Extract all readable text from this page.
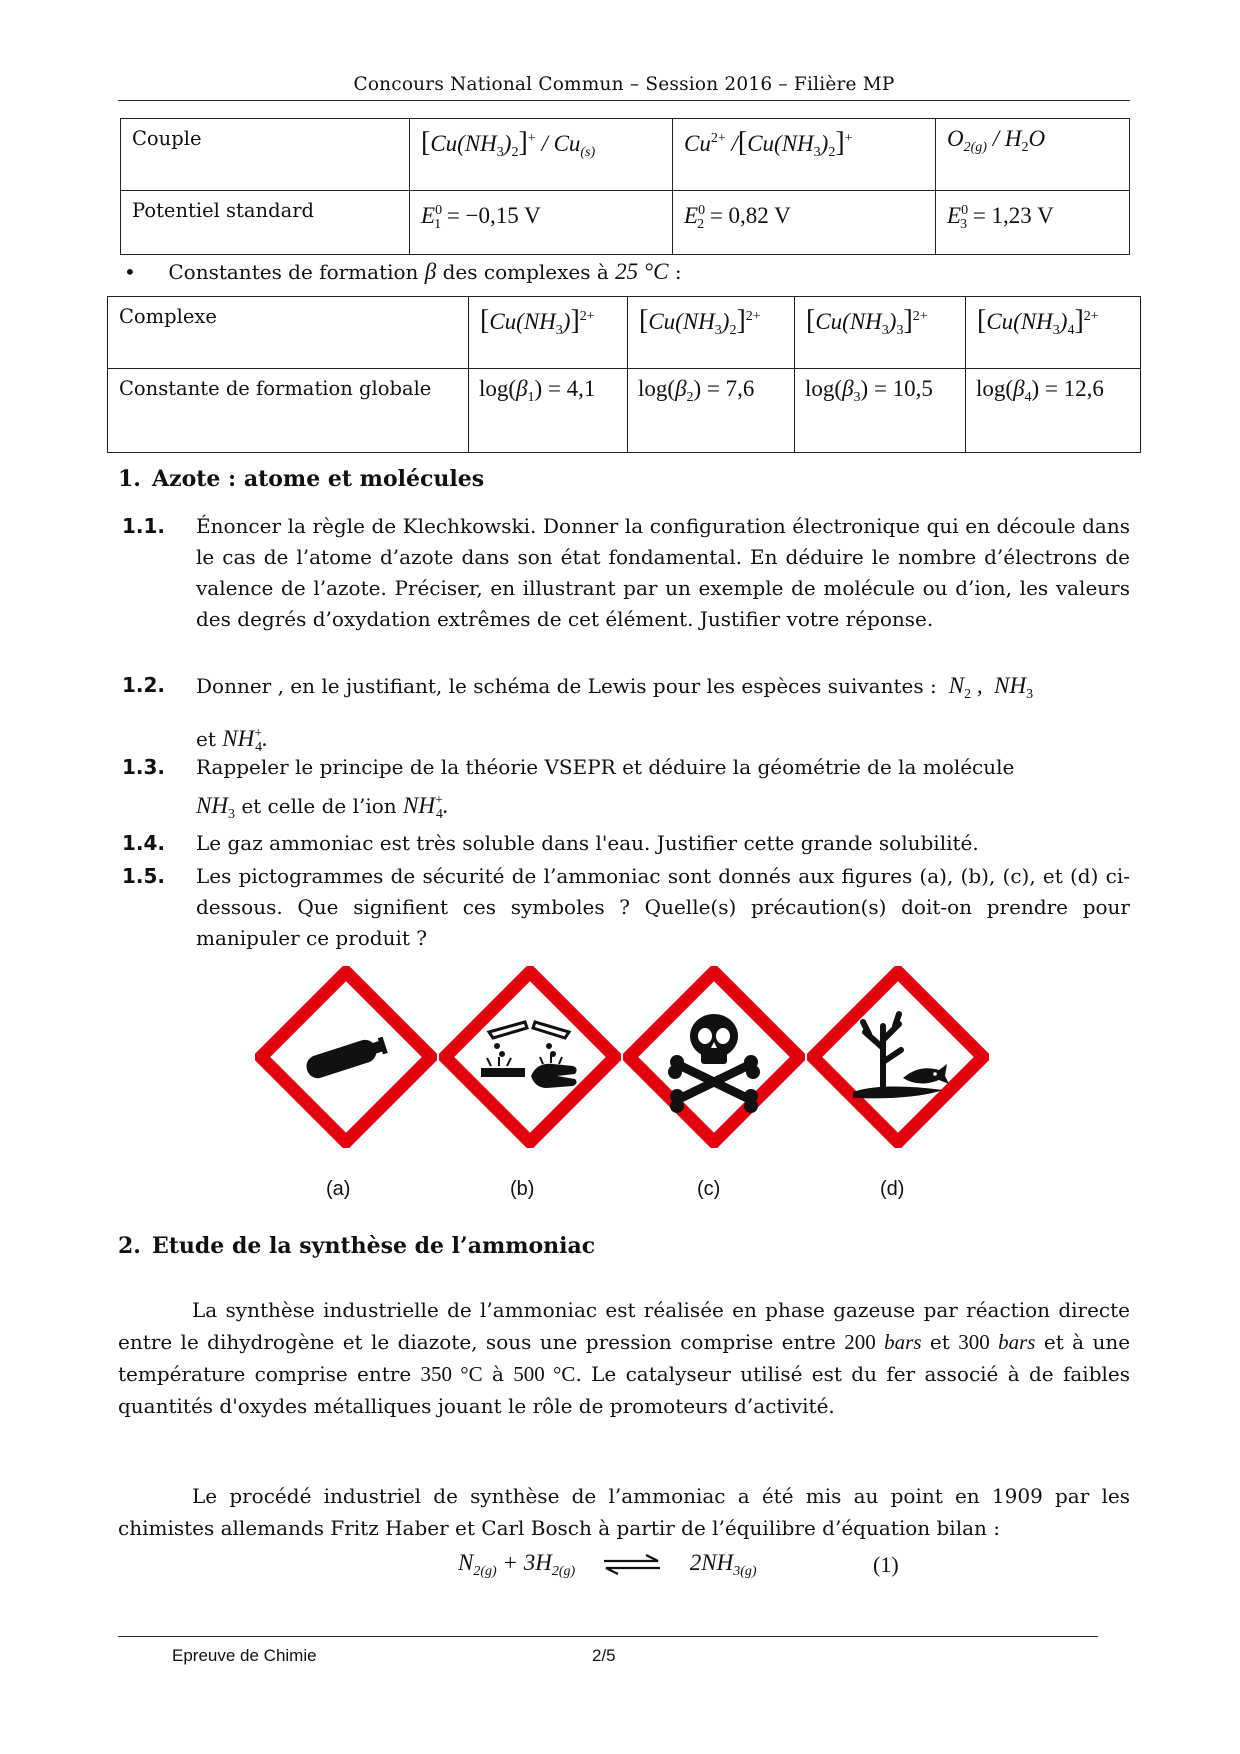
Concours National Commun – Session 2016 – Filière MP
Couple	$[Cu(NH_3)_2]^+ / Cu_{(s)}$	$Cu^{2+}$ $/[Cu(NH_3)_2]^+$	$O_{2(g)} / H_2O$
Potentiel standard	$E^0_1 = -0,15$ V	$E^0_2 = 0,82$ V	$E^0_3 = 1,23$ V
• Constantes de formation β des complexes à 25 °C :
Complexe	$[Cu(NH_3)]^{2+}$	$[Cu(NH_3)_2]^{2+}$	$[Cu(NH_3)_3]^{2+}$	$[Cu(NH_3)_4]^{2+}$
Constante de formation globale	$\log(\beta_1) = 4,1$	$\log(\beta_2) = 7,6$	$\log(\beta_3) = 10,5$	$\log(\beta_4) = 12,6$
1. Azote : atome et molécules
1.1. Énoncer la règle de Klechkowski. Donner la configuration électronique qui en découle dans le cas de l’atome d’azote dans son état fondamental. En déduire le nombre d’électrons de valence de l’azote. Préciser, en illustrant par un exemple de molécule ou d’ion, les valeurs des degrés d’oxydation extrêmes de cet élément. Justifier votre réponse.
1.2. Donner , en le justifiant, le schéma de Lewis pour les espèces suivantes :  $N_2$ ,  $NH_3$
et $NH^+_4$.
1.3. Rappeler le principe de la théorie VSEPR et déduire la géométrie de la molécule
$NH_3$ et celle de l’ion $NH^+_4$.
1.4. Le gaz ammoniac est très soluble dans l'eau. Justifier cette grande solubilité.
1.5. Les pictogrammes de sécurité de l’ammoniac sont donnés aux figures (a), (b), (c), et (d) ci-dessous. Que signifient ces symboles ? Quelle(s) précaution(s) doit-on prendre pour manipuler ce produit ?
(a)	(b)	(c)	(d)
2. Etude de la synthèse de l’ammoniac
La synthèse industrielle de l’ammoniac est réalisée en phase gazeuse par réaction directe entre le dihydrogène et le diazote, sous une pression comprise entre 200 bars et 300 bars et à une température comprise entre 350 °C à 500 °C. Le catalyseur utilisé est du fer associé à de faibles quantités d'oxydes métalliques jouant le rôle de promoteurs d’activité.
Le procédé industriel de synthèse de l’ammoniac a été mis au point en 1909 par les chimistes allemands Fritz Haber et Carl Bosch à partir de l’équilibre d’équation bilan :
$N_{2(g)} + 3H_{2(g)}$ ⇌ $2NH_{3(g)}$	(1)
Epreuve de Chimie	2/5
